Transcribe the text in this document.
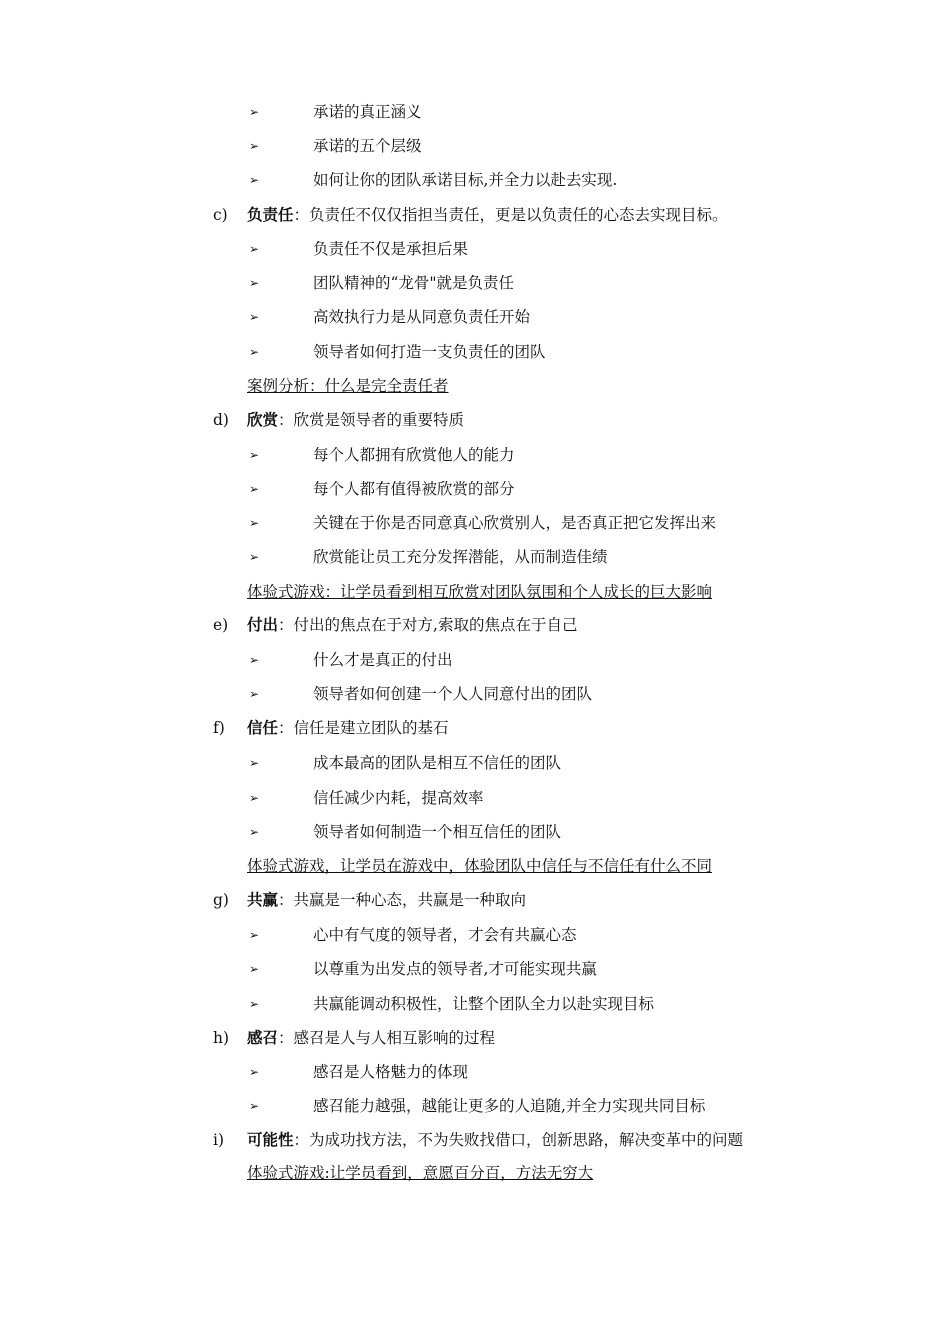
➢	承诺的真正涵义
➢	承诺的五个层级
➢	如何让你的团队承诺目标,并全力以赴去实现.
c) 负责任：负责任不仅仅指担当责任，更是以负责任的心态去实现目标。
➢	负责任不仅是承担后果
➢	团队精神的“龙骨"就是负责任
➢	高效执行力是从同意负责任开始
➢	领导者如何打造一支负责任的团队
案例分析：什么是完全责任者
d) 欣赏：欣赏是领导者的重要特质
➢	每个人都拥有欣赏他人的能力
➢	每个人都有值得被欣赏的部分
➢	关键在于你是否同意真心欣赏别人，是否真正把它发挥出来
➢	欣赏能让员工充分发挥潜能，从而制造佳绩
体验式游戏：让学员看到相互欣赏对团队氛围和个人成长的巨大影响
e) 付出：付出的焦点在于对方,索取的焦点在于自己
➢	什么才是真正的付出
➢	领导者如何创建一个人人同意付出的团队
f) 信任：信任是建立团队的基石
➢	成本最高的团队是相互不信任的团队
➢	信任减少内耗，提高效率
➢	领导者如何制造一个相互信任的团队
体验式游戏，让学员在游戏中，体验团队中信任与不信任有什么不同
g) 共赢：共赢是一种心态，共赢是一种取向
➢	心中有气度的领导者，才会有共赢心态
➢	以尊重为出发点的领导者,才可能实现共赢
➢	共赢能调动积极性，让整个团队全力以赴实现目标
h) 感召：感召是人与人相互影响的过程
➢	感召是人格魅力的体现
➢	感召能力越强，越能让更多的人追随,并全力实现共同目标
i) 可能性：为成功找方法，不为失败找借口，创新思路，解决变革中的问题
体验式游戏:让学员看到，意愿百分百，方法无穷大
